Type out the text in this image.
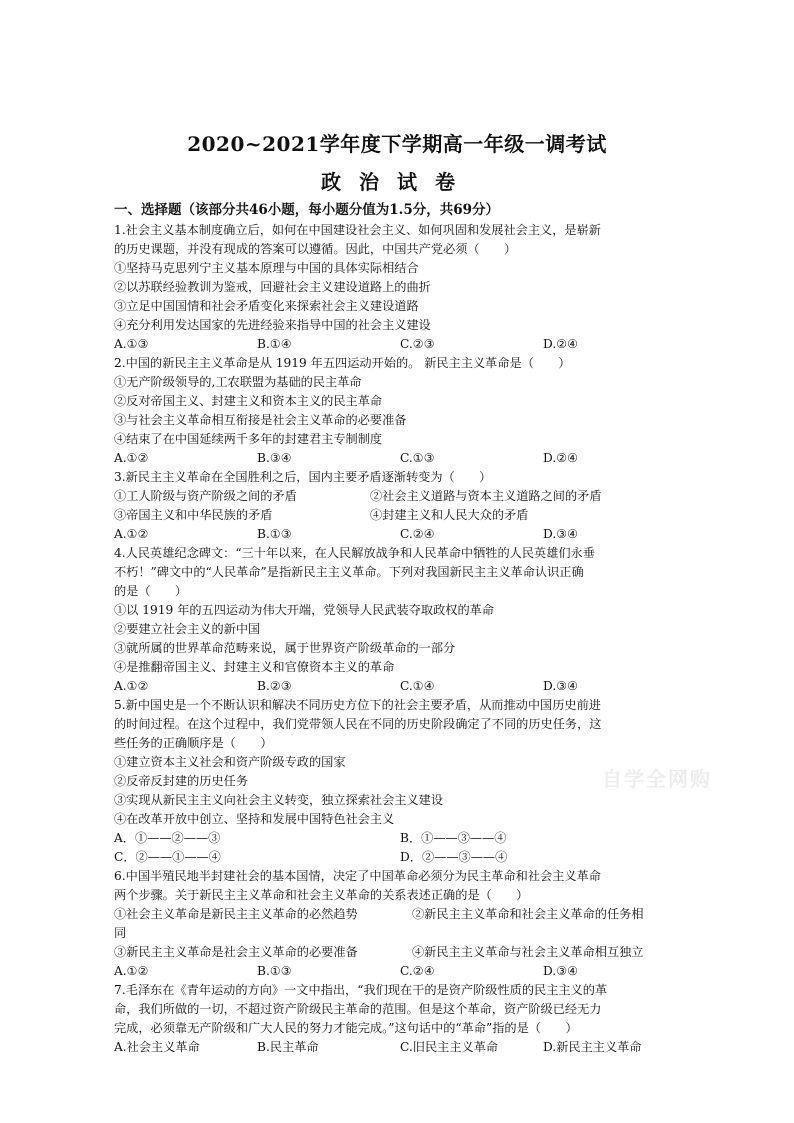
2020~2021学年度下学期高一年级一调考试
政治试卷
自学全网购
一、选择题（该部分共46小题，每小题分值为1.5分，共69分）
1.社会主义基本制度确立后，如何在中国建设社会主义、如何巩固和发展社会主义，是崭新
的历史课题，并没有现成的答案可以遵循。因此，中国共产党必须（　　）
①坚持马克思列宁主义基本原理与中国的具体实际相结合
②以苏联经验教训为鉴戒，回避社会主义建设道路上的曲折
③立足中国国情和社会矛盾变化来探索社会主义建设道路
④充分利用发达国家的先进经验来指导中国的社会主义建设
A.①③	B.①④	C.②③	D.②④
2.中国的新民主主义革命是从 1919 年五四运动开始的。 新民主主义革命是（　　）
①无产阶级领导的,工农联盟为基础的民主革命
②反对帝国主义、封建主义和资本主义的民主革命
③与社会主义革命相互衔接是社会主义革命的必要准备
④结束了在中国延续两千多年的封建君主专制制度
A.①②	B.③④	C.①③	D.②④
3.新民主主义革命在全国胜利之后，国内主要矛盾逐渐转变为（　　）
①工人阶级与资产阶级之间的矛盾	②社会主义道路与资本主义道路之间的矛盾
③帝国主义和中华民族的矛盾	④封建主义和人民大众的矛盾
A.①②	B.①③	C.②④	D.③④
4.人民英雄纪念碑文：“三十年以来，在人民解放战争和人民革命中牺牲的人民英雄们永垂
不朽！”碑文中的“人民革命”是指新民主主义革命。下列对我国新民主主义革命认识正确
的是（　　）
①以 1919 年的五四运动为伟大开端，党领导人民武装夺取政权的革命
②要建立社会主义的新中国
③就所属的世界革命范畴来说，属于世界资产阶级革命的一部分
④是推翻帝国主义、封建主义和官僚资本主义的革命
A.①②	B.②③	C.①④	D.③④
5.新中国史是一个不断认识和解决不同历史方位下的社会主要矛盾，从而推动中国历史前进
的时间过程。在这个过程中，我们党带领人民在不同的历史阶段确定了不同的历史任务，这
些任务的正确顺序是（　　）
①建立资本主义社会和资产阶级专政的国家
②反帝反封建的历史任务
③实现从新民主主义向社会主义转变，独立探索社会主义建设
④在改革开放中创立、坚持和发展中国特色社会主义
A．①——②——③	B．①——③——④
C．②——①——④	D．②——③——④
6.中国半殖民地半封建社会的基本国情，决定了中国革命必须分为民主革命和社会主义革命
两个步骤。关于新民主主义革命和社会主义革命的关系表述正确的是（　　）
①社会主义革命是新民主主义革命的必然趋势	②新民主主义革命和社会主义革命的任务相
同
③新民主主义革命是社会主义革命的必要准备	④新民主主义革命与社会主义革命相互独立
A.①②	B.①③	C.②④	D.③④
7.毛泽东在《青年运动的方向》一文中指出，“我们现在干的是资产阶级性质的民主主义的革
命，我们所做的一切，不超过资产阶级民主革命的范围。但是这个革命，资产阶级已经无力
完成，必须靠无产阶级和广大人民的努力才能完成。”这句话中的“革命”指的是（　　）
A.社会主义革命	B.民主革命	C.旧民主主义革命	D.新民主主义革命
